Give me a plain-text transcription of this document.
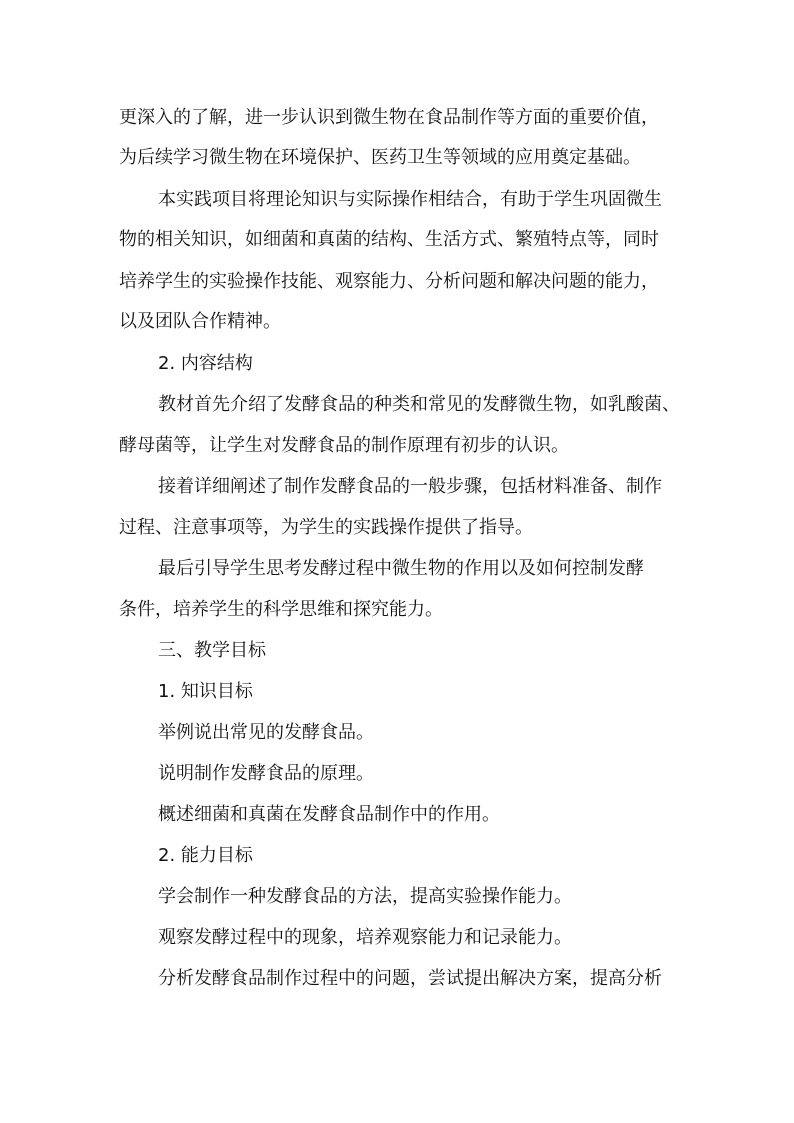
更深入的了解，进一步认识到微生物在食品制作等方面的重要价值，
为后续学习微生物在环境保护、医药卫生等领域的应用奠定基础。
本实践项目将理论知识与实际操作相结合，有助于学生巩固微生
物的相关知识，如细菌和真菌的结构、生活方式、繁殖特点等，同时
培养学生的实验操作技能、观察能力、分析问题和解决问题的能力，
以及团队合作精神。
2. 内容结构
教材首先介绍了发酵食品的种类和常见的发酵微生物，如乳酸菌、
酵母菌等，让学生对发酵食品的制作原理有初步的认识。
接着详细阐述了制作发酵食品的一般步骤，包括材料准备、制作
过程、注意事项等，为学生的实践操作提供了指导。
最后引导学生思考发酵过程中微生物的作用以及如何控制发酵
条件，培养学生的科学思维和探究能力。
三、教学目标
1. 知识目标
举例说出常见的发酵食品。
说明制作发酵食品的原理。
概述细菌和真菌在发酵食品制作中的作用。
2. 能力目标
学会制作一种发酵食品的方法，提高实验操作能力。
观察发酵过程中的现象，培养观察能力和记录能力。
分析发酵食品制作过程中的问题，尝试提出解决方案，提高分析
